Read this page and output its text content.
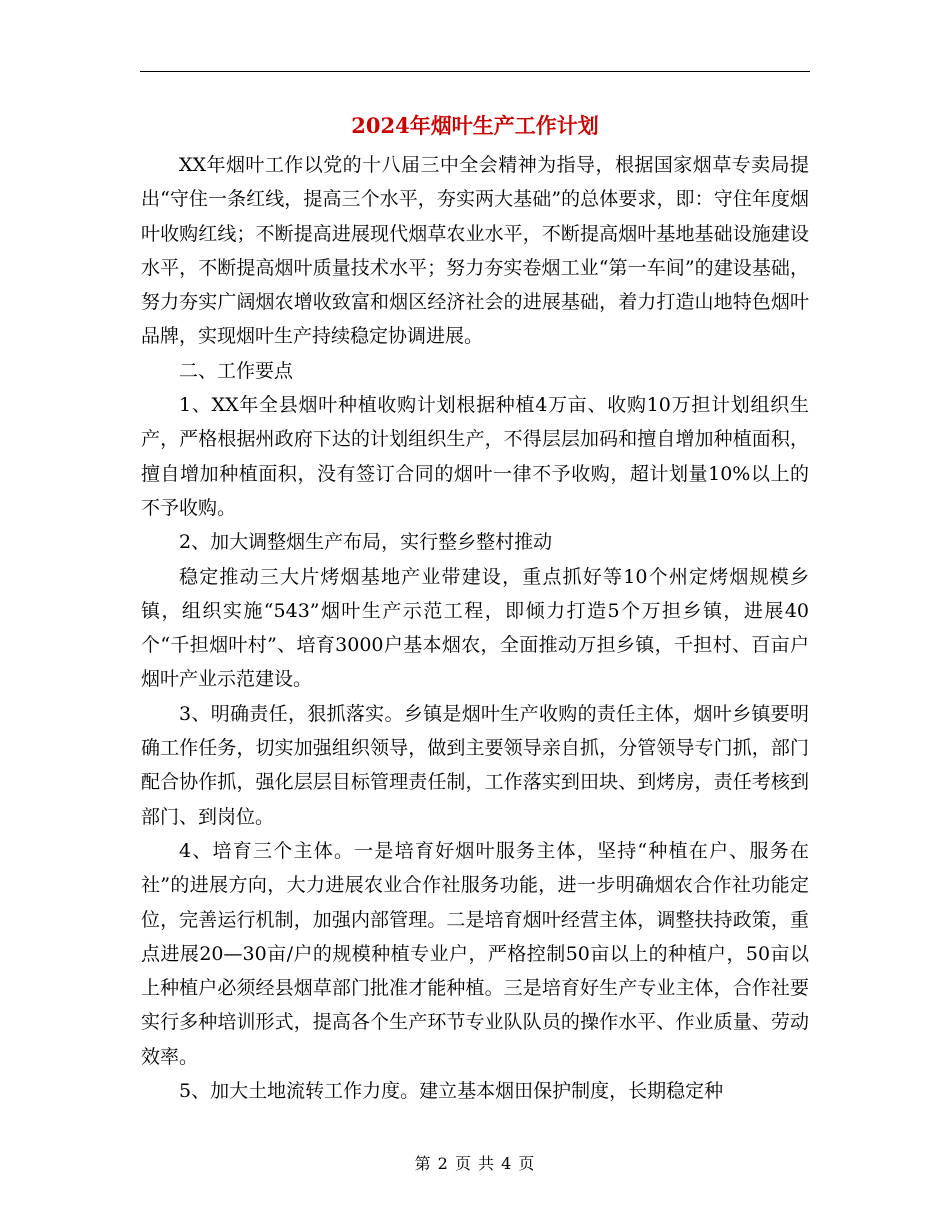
2024年烟叶生产工作计划

XX年烟叶工作以党的十八届三中全会精神为指导，根据国家烟草专卖局提出“守住一条红线，提高三个水平，夯实两大基础”的总体要求，即：守住年度烟叶收购红线；不断提高进展现代烟草农业水平，不断提高烟叶基地基础设施建设水平，不断提高烟叶质量技术水平；努力夯实卷烟工业“第一车间”的建设基础，努力夯实广阔烟农增收致富和烟区经济社会的进展基础，着力打造山地特色烟叶品牌，实现烟叶生产持续稳定协调进展。

二、工作要点

1、XX年全县烟叶种植收购计划根据种植4万亩、收购10万担计划组织生产，严格根据州政府下达的计划组织生产，不得层层加码和擅自增加种植面积，擅自增加种植面积，没有签订合同的烟叶一律不予收购，超计划量10%以上的不予收购。

2、加大调整烟生产布局，实行整乡整村推动

稳定推动三大片烤烟基地产业带建设，重点抓好等10个州定烤烟规模乡镇，组织实施“543”烟叶生产示范工程，即倾力打造5个万担乡镇，进展40个“千担烟叶村”、培育3000户基本烟农，全面推动万担乡镇，千担村、百亩户烟叶产业示范建设。

3、明确责任，狠抓落实。乡镇是烟叶生产收购的责任主体，烟叶乡镇要明确工作任务，切实加强组织领导，做到主要领导亲自抓，分管领导专门抓，部门配合协作抓，强化层层目标管理责任制，工作落实到田块、到烤房，责任考核到部门、到岗位。

4、培育三个主体。一是培育好烟叶服务主体，坚持“种植在户、服务在社”的进展方向，大力进展农业合作社服务功能，进一步明确烟农合作社功能定位，完善运行机制，加强内部管理。二是培育烟叶经营主体，调整扶持政策，重点进展20—30亩/户的规模种植专业户，严格控制50亩以上的种植户，50亩以上种植户必须经县烟草部门批准才能种植。三是培育好生产专业主体，合作社要实行多种培训形式，提高各个生产环节专业队队员的操作水平、作业质量、劳动效率。

5、加大土地流转工作力度。建立基本烟田保护制度，长期稳定种

第 2 页 共 4 页
